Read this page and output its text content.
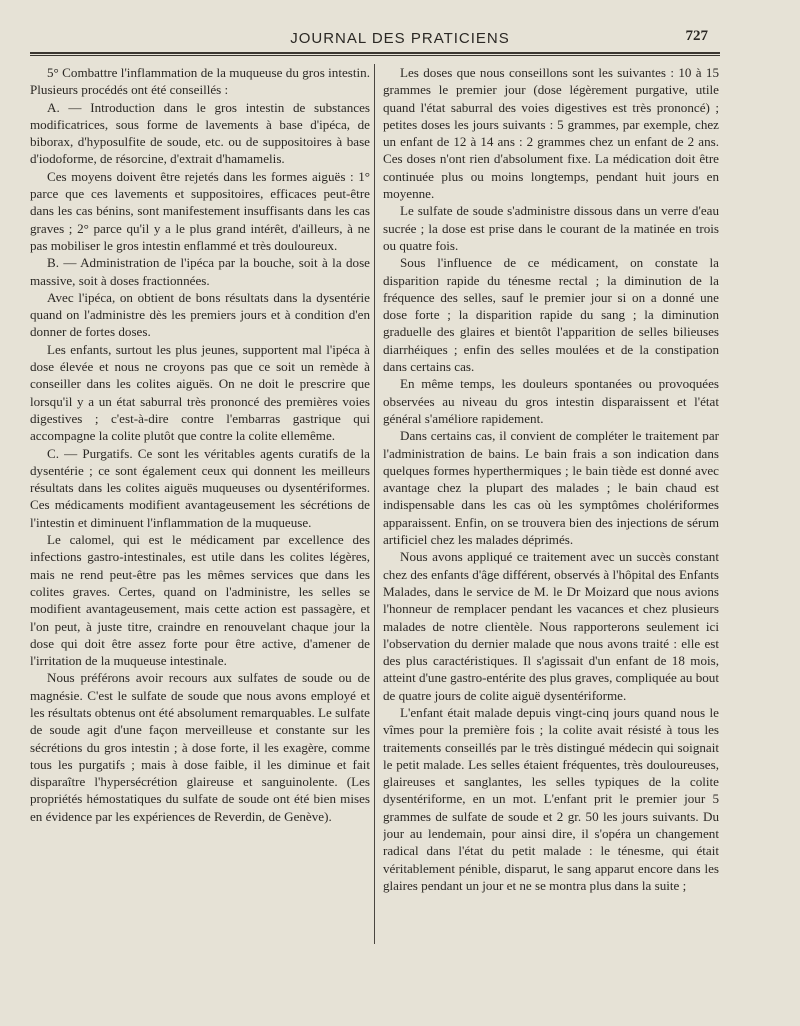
JOURNAL DES PRATICIENS	727

5° Combattre l'inflammation de la muqueuse du gros intestin. Plusieurs procédés ont été conseillés :

A. — Introduction dans le gros intestin de substances modificatrices, sous forme de lavements à base d'ipéca, de biborax, d'hyposulfite de soude, etc. ou de suppositoires à base d'iodoforme, de résorcine, d'extrait d'hamamelis.

Ces moyens doivent être rejetés dans les formes aiguës : 1° parce que ces lavements et suppositoires, efficaces peut-être dans les cas bénins, sont manifestement insuffisants dans les cas graves ; 2° parce qu'il y a le plus grand intérêt, d'ailleurs, à ne pas mobiliser le gros intestin enflammé et très douloureux.

B. — Administration de l'ipéca par la bouche, soit à la dose massive, soit à doses fractionnées.

Avec l'ipéca, on obtient de bons résultats dans la dysentérie quand on l'administre dès les premiers jours et à condition d'en donner de fortes doses.

Les enfants, surtout les plus jeunes, supportent mal l'ipéca à dose élevée et nous ne croyons pas que ce soit un remède à conseiller dans les colites aiguës. On ne doit le prescrire que lorsqu'il y a un état saburral très prononcé des premières voies digestives ; c'est-à-dire contre l'embarras gastrique qui accompagne la colite plutôt que contre la colite ellemême.

C. — Purgatifs. Ce sont les véritables agents curatifs de la dysentérie ; ce sont également ceux qui donnent les meilleurs résultats dans les colites aiguës muqueuses ou dysentériformes. Ces médicaments modifient avantageusement les sécrétions de l'intestin et diminuent l'inflammation de la muqueuse.

Le calomel, qui est le médicament par excellence des infections gastro-intestinales, est utile dans les colites légères, mais ne rend peut-être pas les mêmes services que dans les colites graves. Certes, quand on l'administre, les selles se modifient avantageusement, mais cette action est passagère, et l'on peut, à juste titre, craindre en renouvelant chaque jour la dose qui doit être assez forte pour être active, d'amener de l'irritation de la muqueuse intestinale.

Nous préférons avoir recours aux sulfates de soude ou de magnésie. C'est le sulfate de soude que nous avons employé et les résultats obtenus ont été absolument remarquables. Le sulfate de soude agit d'une façon merveilleuse et constante sur les sécrétions du gros intestin ; à dose forte, il les exagère, comme tous les purgatifs ; mais à dose faible, il les diminue et fait disparaître l'hypersécrétion glaireuse et sanguinolente. (Les propriétés hémostatiques du sulfate de soude ont été bien mises en évidence par les expériences de Reverdin, de Genève).

Les doses que nous conseillons sont les suivantes : 10 à 15 grammes le premier jour (dose légèrement purgative, utile quand l'état saburral des voies digestives est très prononcé) ; petites doses les jours suivants : 5 grammes, par exemple, chez un enfant de 12 à 14 ans : 2 grammes chez un enfant de 2 ans. Ces doses n'ont rien d'absolument fixe. La médication doit être continuée plus ou moins longtemps, pendant huit jours en moyenne.

Le sulfate de soude s'administre dissous dans un verre d'eau sucrée ; la dose est prise dans le courant de la matinée en trois ou quatre fois.

Sous l'influence de ce médicament, on constate la disparition rapide du ténesme rectal ; la diminution de la fréquence des selles, sauf le premier jour si on a donné une dose forte ; la disparition rapide du sang ; la diminution graduelle des glaires et bientôt l'apparition de selles bilieuses diarrhéiques ; enfin des selles moulées et de la constipation dans certains cas.

En même temps, les douleurs spontanées ou provoquées observées au niveau du gros intestin disparaissent et l'état général s'améliore rapidement.

Dans certains cas, il convient de compléter le traitement par l'administration de bains. Le bain frais a son indication dans quelques formes hyperthermiques ; le bain tiède est donné avec avantage chez la plupart des malades ; le bain chaud est indispensable dans les cas où les symptômes cholériformes apparaissent. Enfin, on se trouvera bien des injections de sérum artificiel chez les malades déprimés.

Nous avons appliqué ce traitement avec un succès constant chez des enfants d'âge différent, observés à l'hôpital des Enfants Malades, dans le service de M. le Dr Moizard que nous avions l'honneur de remplacer pendant les vacances et chez plusieurs malades de notre clientèle. Nous rapporterons seulement ici l'observation du dernier malade que nous avons traité : elle est des plus caractéristiques. Il s'agissait d'un enfant de 18 mois, atteint d'une gastro-entérite des plus graves, compliquée au bout de quatre jours de colite aiguë dysentériforme.

L'enfant était malade depuis vingt-cinq jours quand nous le vîmes pour la première fois ; la colite avait résisté à tous les traitements conseillés par le très distingué médecin qui soignait le petit malade. Les selles étaient fréquentes, très douloureuses, glaireuses et sanglantes, les selles typiques de la colite dysentériforme, en un mot. L'enfant prit le premier jour 5 grammes de sulfate de soude et 2 gr. 50 les jours suivants. Du jour au lendemain, pour ainsi dire, il s'opéra un changement radical dans l'état du petit malade : le ténesme, qui était véritablement pénible, disparut, le sang apparut encore dans les glaires pendant un jour et ne se montra plus dans la suite ;
